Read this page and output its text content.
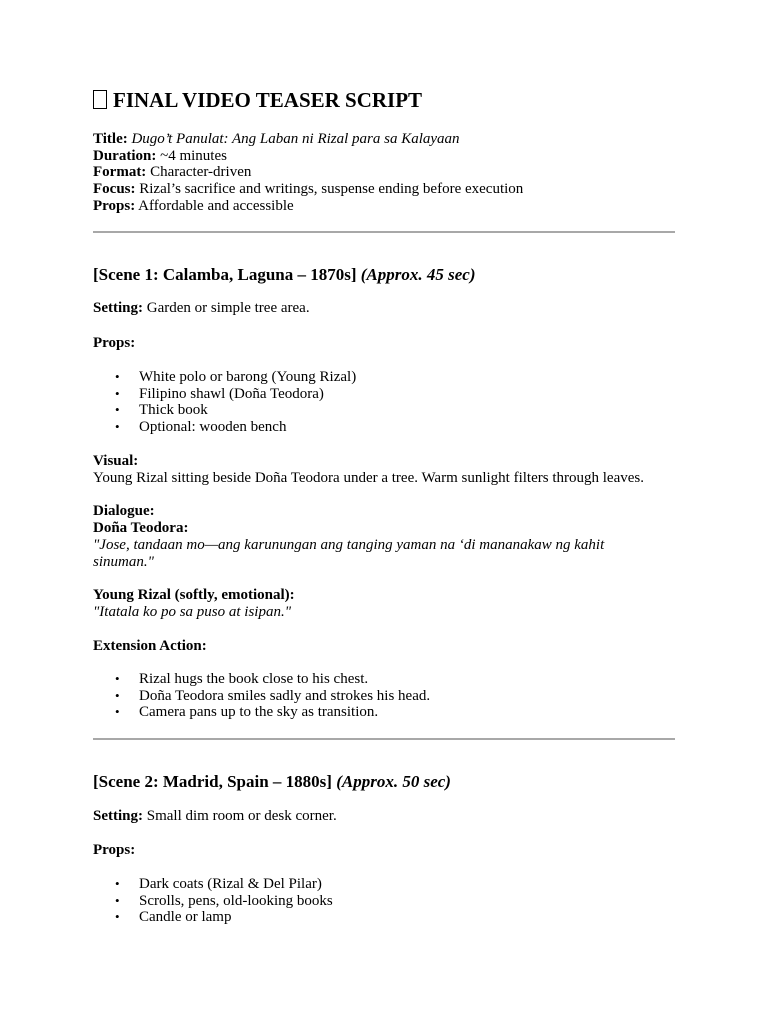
FINAL VIDEO TEASER SCRIPT
Title: Dugo’t Panulat: Ang Laban ni Rizal para sa Kalayaan
Duration: ~4 minutes
Format: Character-driven
Focus: Rizal’s sacrifice and writings, suspense ending before execution
Props: Affordable and accessible
[Scene 1: Calamba, Laguna – 1870s] (Approx. 45 sec)
Setting: Garden or simple tree area.
Props:
• White polo or barong (Young Rizal)
• Filipino shawl (Doña Teodora)
• Thick book
• Optional: wooden bench
Visual:
Young Rizal sitting beside Doña Teodora under a tree. Warm sunlight filters through leaves.
Dialogue:
Doña Teodora:
"Jose, tandaan mo—ang karunungan ang tanging yaman na ‘di mananakaw ng kahit
sinuman."
Young Rizal (softly, emotional):
"Itatala ko po sa puso at isipan."
Extension Action:
• Rizal hugs the book close to his chest.
• Doña Teodora smiles sadly and strokes his head.
• Camera pans up to the sky as transition.
[Scene 2: Madrid, Spain – 1880s] (Approx. 50 sec)
Setting: Small dim room or desk corner.
Props:
• Dark coats (Rizal & Del Pilar)
• Scrolls, pens, old-looking books
• Candle or lamp
